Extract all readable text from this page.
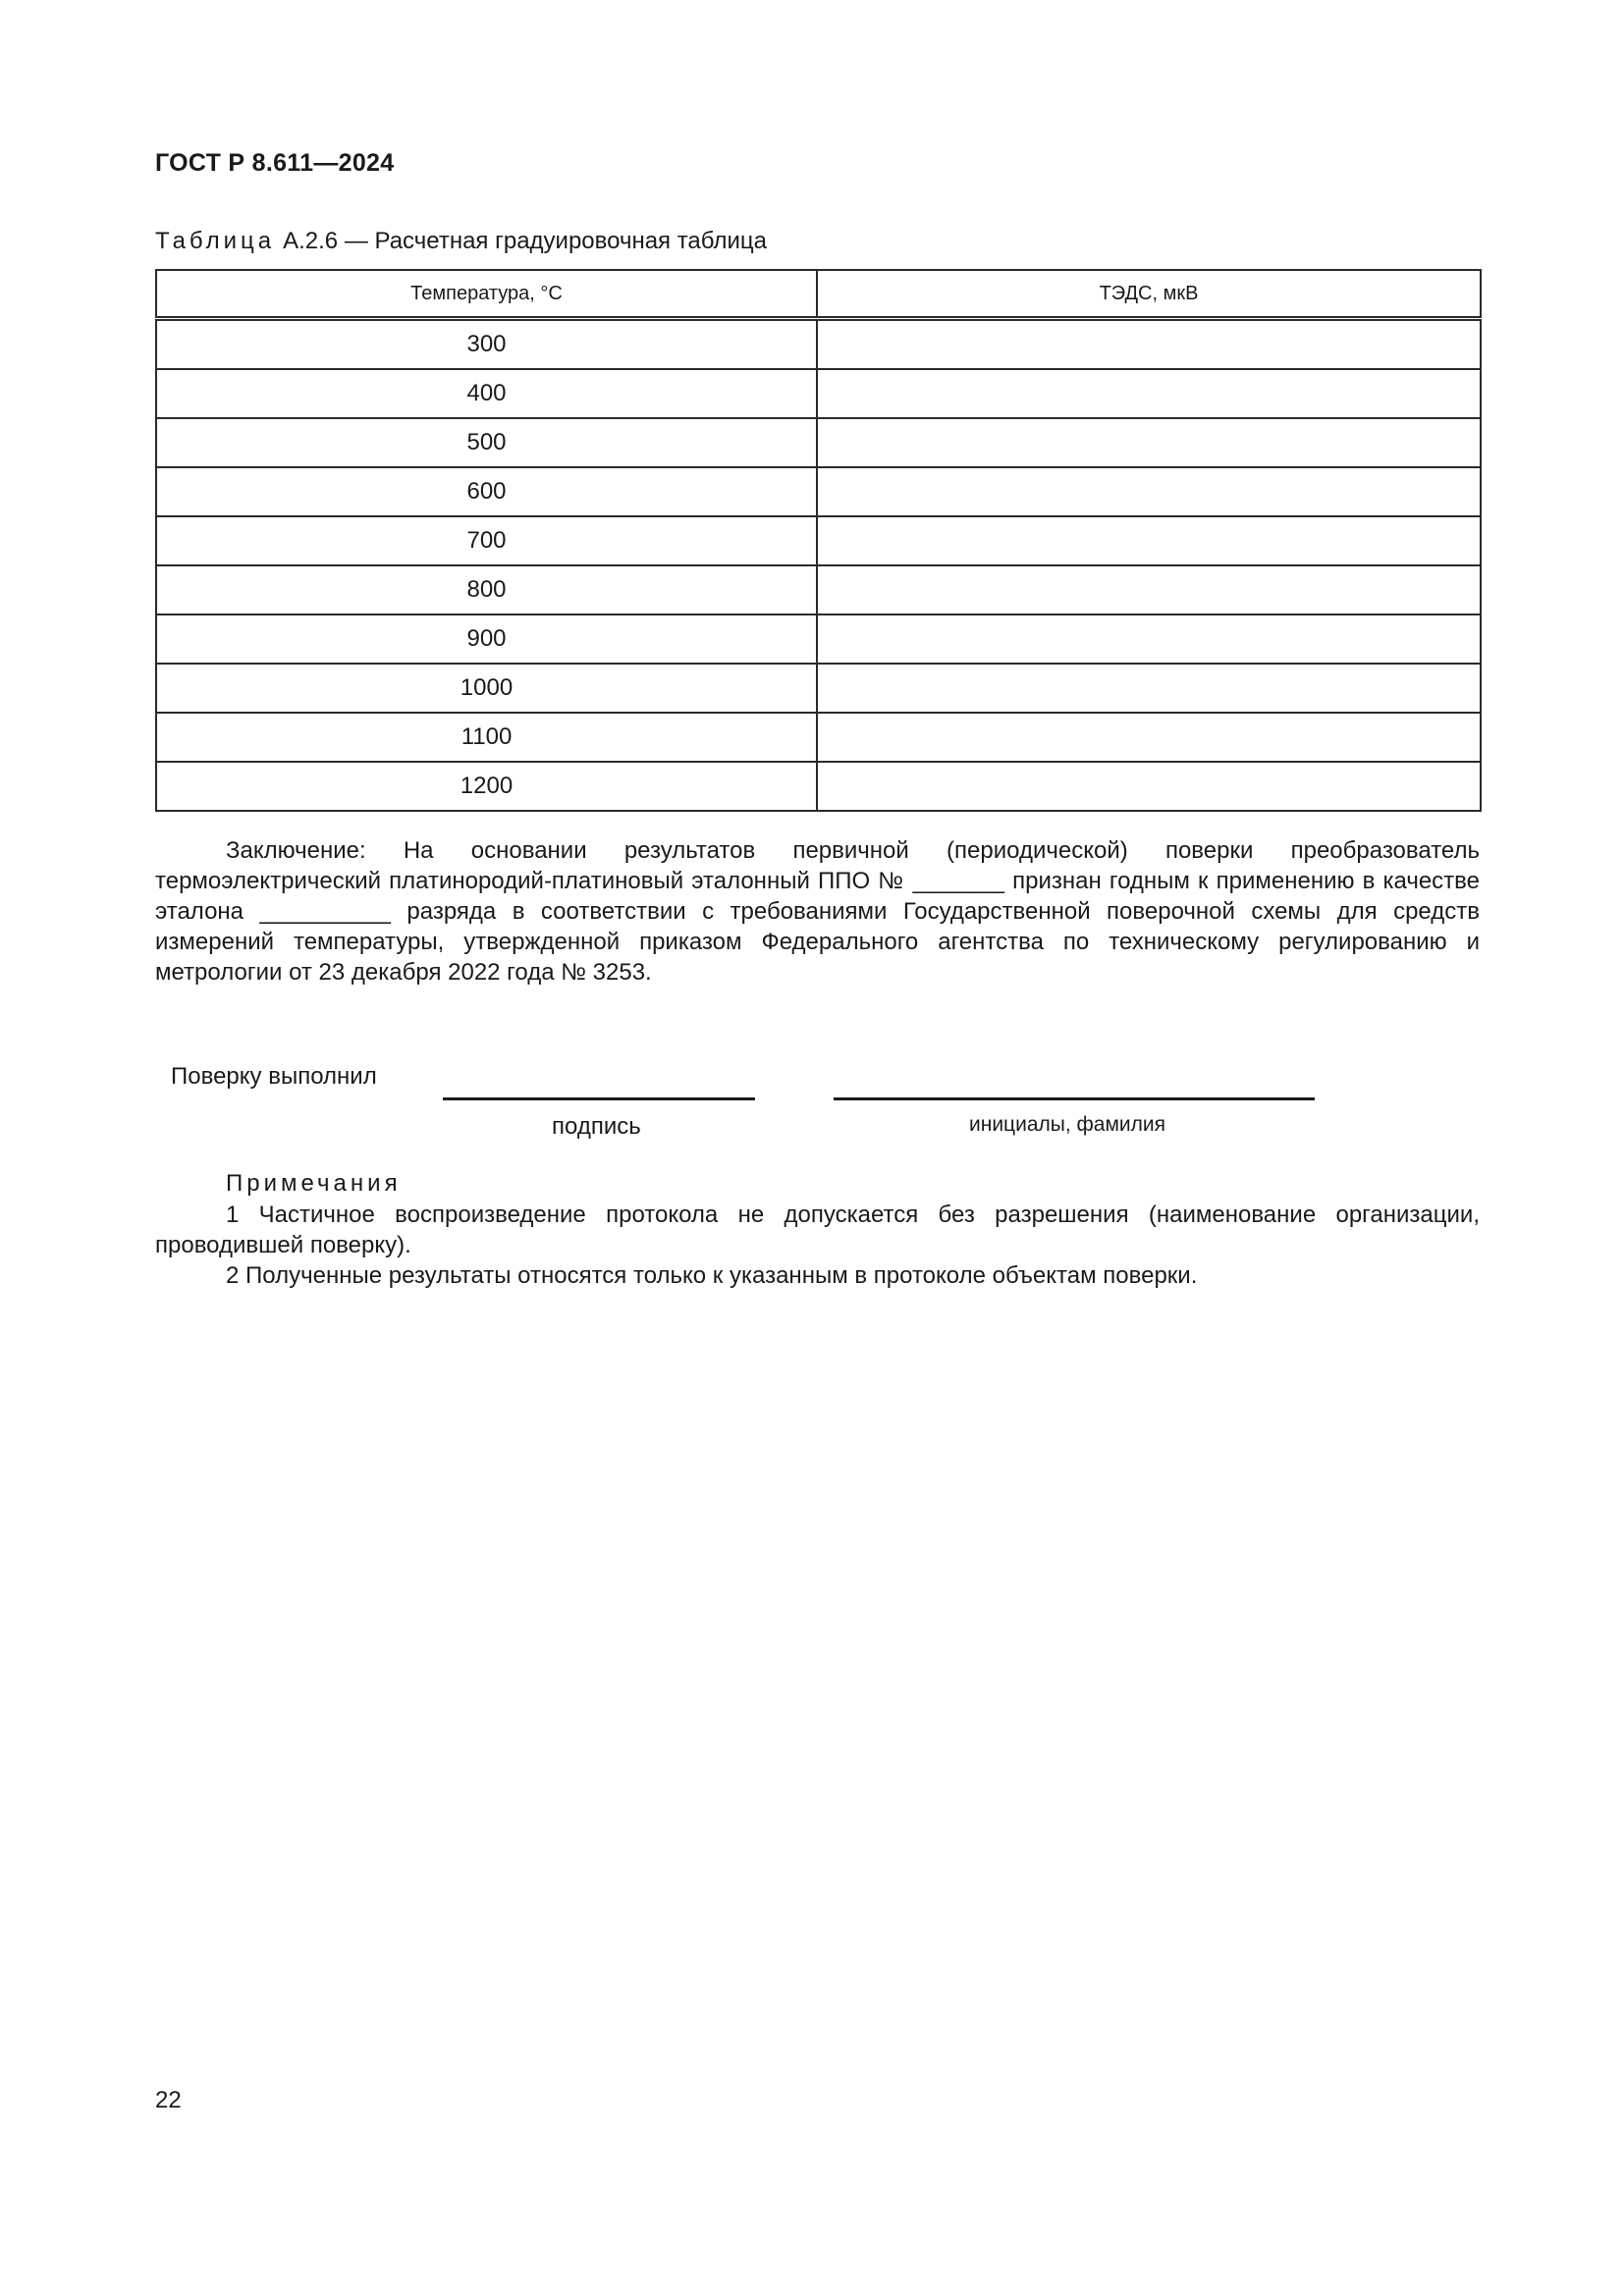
ГОСТ Р 8.611—2024
Таблица А.2.6 — Расчетная градуировочная таблица
Температура, °С	ТЭДС, мкВ
300	
400	
500	
600	
700	
800	
900	
1000	
1100	
1200	
Заключение: На основании результатов первичной (периодической) поверки преобразователь термоэлектрический платинородий-платиновый эталонный ППО № _______ признан годным к применению в качестве эталона __________ разряда в соответствии с требованиями Государственной поверочной схемы для средств измерений температуры, утвержденной приказом Федерального агентства по техническому регулированию и метрологии от 23 декабря 2022 года № 3253.
Поверку выполнил
подпись	инициалы, фамилия
Примечания
1 Частичное воспроизведение протокола не допускается без разрешения (наименование организации, проводившей поверку).
2 Полученные результаты относятся только к указанным в протоколе объектам поверки.
22
